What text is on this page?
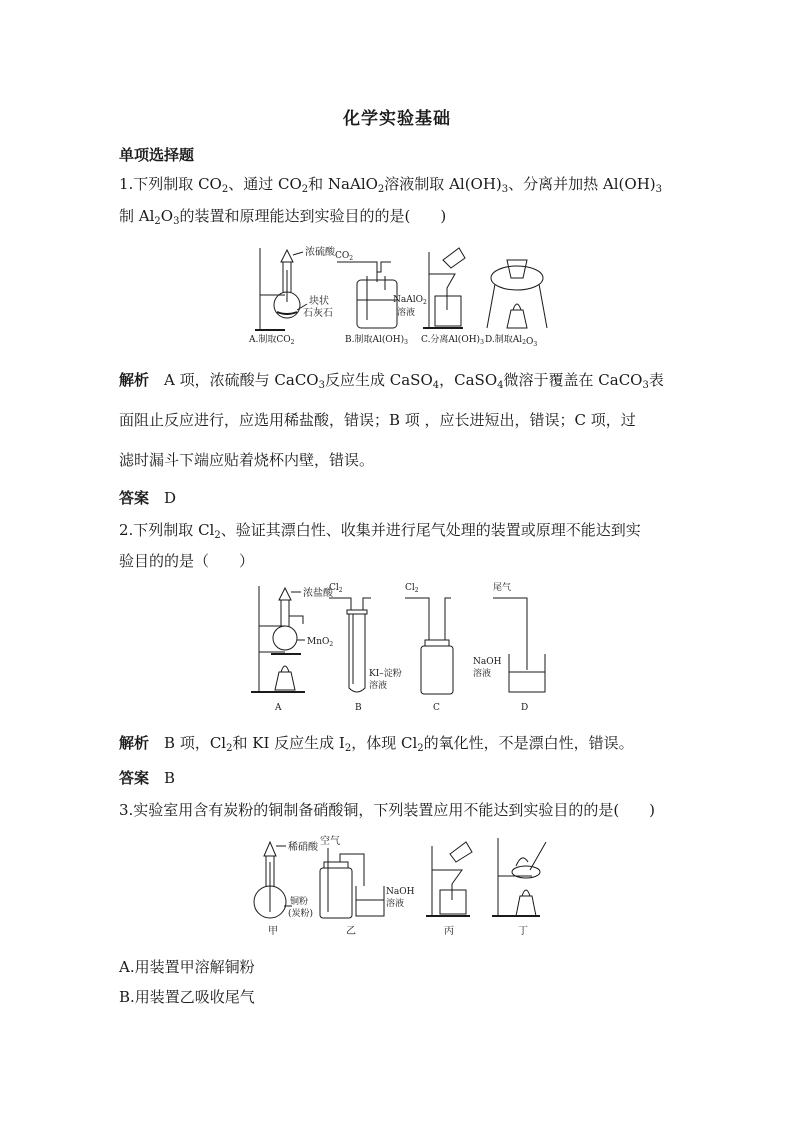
化学实验基础
单项选择题
1.下列制取 $CO_2$、通过 $CO_2$和 NaAlO$_2$溶液制取 $Al(OH)_3$、分离并加热 $Al(OH)_3$
制 $Al_2O_3$的装置和原理能达到实验目的的是(　　)
浓硫酸
块状
石灰石
A.制取$CO_2$
$CO_2$
NaAlO$_2$
溶液
B.制取$Al(OH)_3$ C.分离$Al(OH)_3$ D.制取$Al_2O_3$
解析　 A 项，浓硫酸与 CaCO$_3$反应生成 CaSO$_4$，CaSO$_4$微溶于覆盖在 CaCO$_3$表
面阻止反应进行，应选用稀盐酸，错误；B 项 ，应长进短出，错误；C 项，过
滤时漏斗下端应贴着烧杯内壁，错误。
答案　 D
2.下列制取 $Cl_2$、验证其漂白性、收集并进行尾气处理的装置或原理不能达到实
验目的的是（　　）
浓盐酸
MnO$_2$
A
$Cl_2$
KI–淀粉
溶液
B
$Cl_2$
C
尾气
NaOH
溶液
D
解析　 B 项，$Cl_2$和 KI 反应生成 $I_2$，体现 $Cl_2$的氧化性，不是漂白性，错误。
答案　 B
3.实验室用含有炭粉的铜制备硝酸铜，下列装置应用不能达到实验目的的是(　　)
稀硝酸
铜粉
(炭粉)
甲
空气
NaOH
溶液
乙	丙	丁
A.用装置甲溶解铜粉
B.用装置乙吸收尾气
